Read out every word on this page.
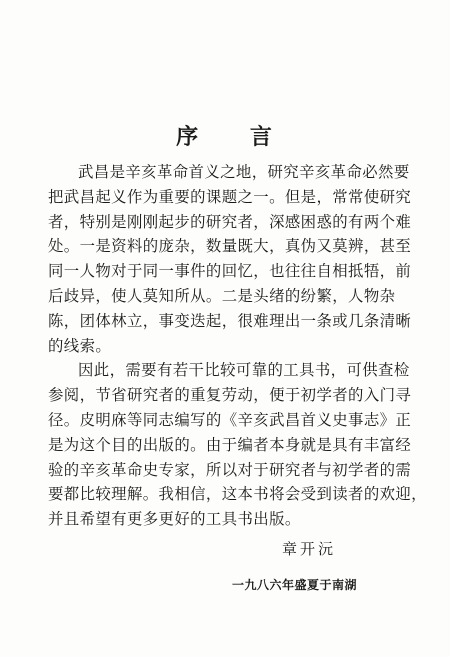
序 言
武昌是辛亥革命首义之地，研究辛亥革命必然要
把武昌起义作为重要的课题之一。但是，常常使研究
者，特别是刚刚起步的研究者，深感困惑的有两个难
处。一是资料的庞杂，数量既大，真伪又莫辨，甚至
同一人物对于同一事件的回忆，也往往自相抵牾，前
后歧异，使人莫知所从。二是头绪的纷繁，人物杂
陈，团体林立，事变迭起，很难理出一条或几条清晰
的线索。
因此，需要有若干比较可靠的工具书，可供查检
参阅，节省研究者的重复劳动，便于初学者的入门寻
径。皮明庥等同志编写的《辛亥武昌首义史事志》正
是为这个目的出版的。由于编者本身就是具有丰富经
验的辛亥革命史专家，所以对于研究者与初学者的需
要都比较理解。我相信，这本书将会受到读者的欢迎，
并且希望有更多更好的工具书出版。
章开沅
一九八六年盛夏于南湖
